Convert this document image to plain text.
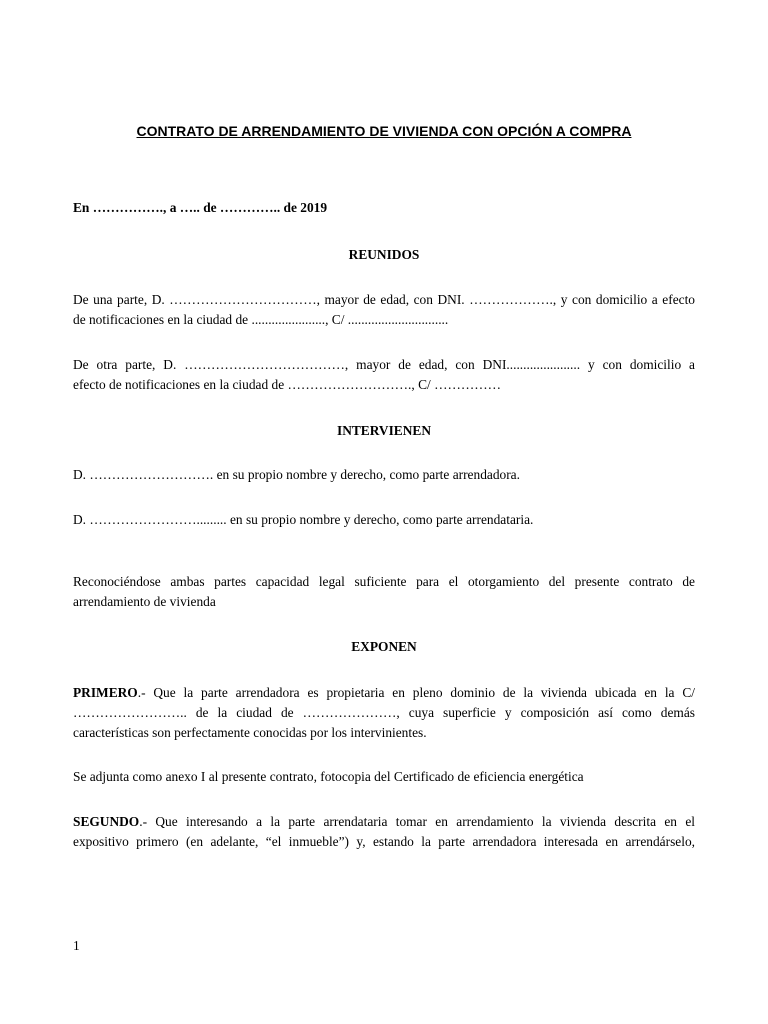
CONTRATO DE ARRENDAMIENTO DE VIVIENDA CON OPCIÓN A COMPRA
En ……………., a ….. de ………….. de 2019
REUNIDOS
De una parte, D. ……………………………, mayor de edad, con DNI. ………………., y con domicilio a efecto
de notificaciones en la ciudad de ......................, C/ ..............................
De otra parte, D. ………………………………, mayor de edad, con DNI...................... y con domicilio a
efecto de notificaciones en la ciudad de ………………………., C/ ……………
INTERVIENEN
D. ………………………. en su propio nombre y derecho, como parte arrendadora.
D. ……………………......... en su propio nombre y derecho, como parte arrendataria.
Reconociéndose ambas partes capacidad legal suficiente para el otorgamiento del presente contrato de
arrendamiento de vivienda
EXPONEN
PRIMERO.- Que la parte arrendadora es propietaria en pleno dominio de la vivienda ubicada en la C/
…………………….. de la ciudad de …………………, cuya superficie y composición así como demás
características son perfectamente conocidas por los intervinientes.
Se adjunta como anexo I al presente contrato, fotocopia del Certificado de eficiencia energética
SEGUNDO.- Que interesando a la parte arrendataria tomar en arrendamiento la vivienda descrita en el
expositivo primero (en adelante, “el inmueble”) y, estando la parte arrendadora interesada en arrendárselo,
1
